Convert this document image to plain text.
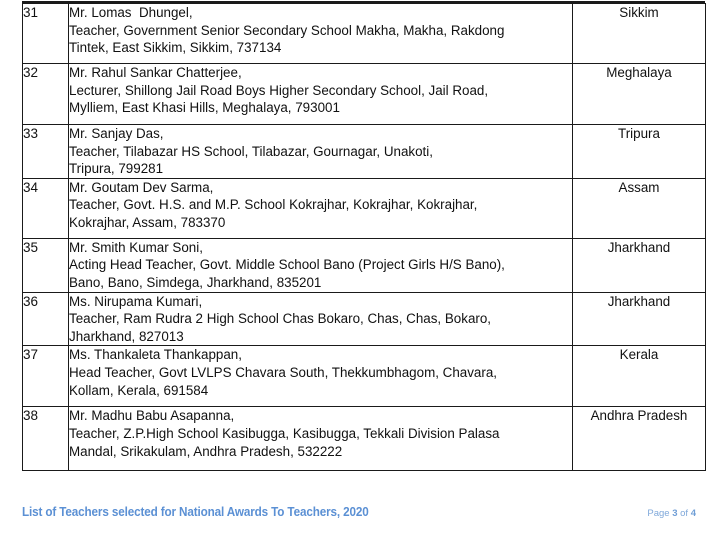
31	Mr. Lomas  Dhungel,
Teacher, Government Senior Secondary School Makha, Makha, Rakdong
Tintek, East Sikkim, Sikkim, 737134	Sikkim
32	Mr. Rahul Sankar Chatterjee,
Lecturer, Shillong Jail Road Boys Higher Secondary School, Jail Road,
Mylliem, East Khasi Hills, Meghalaya, 793001	Meghalaya
33	Mr. Sanjay Das,
Teacher, Tilabazar HS School, Tilabazar, Gournagar, Unakoti,
Tripura, 799281	Tripura
34	Mr. Goutam Dev Sarma,
Teacher, Govt. H.S. and M.P. School Kokrajhar, Kokrajhar, Kokrajhar,
Kokrajhar, Assam, 783370	Assam
35	Mr. Smith Kumar Soni,
Acting Head Teacher, Govt. Middle School Bano (Project Girls H/S Bano),
Bano, Bano, Simdega, Jharkhand, 835201	Jharkhand
36	Ms. Nirupama Kumari,
Teacher, Ram Rudra 2 High School Chas Bokaro, Chas, Chas, Bokaro,
Jharkhand, 827013	Jharkhand
37	Ms. Thankaleta Thankappan,
Head Teacher, Govt LVLPS Chavara South, Thekkumbhagom, Chavara,
Kollam, Kerala, 691584	Kerala
38	Mr. Madhu Babu Asapanna,
Teacher, Z.P.High School Kasibugga, Kasibugga, Tekkali Division Palasa
Mandal, Srikakulam, Andhra Pradesh, 532222	Andhra Pradesh
List of Teachers selected for National Awards To Teachers, 2020	Page 3 of 4
